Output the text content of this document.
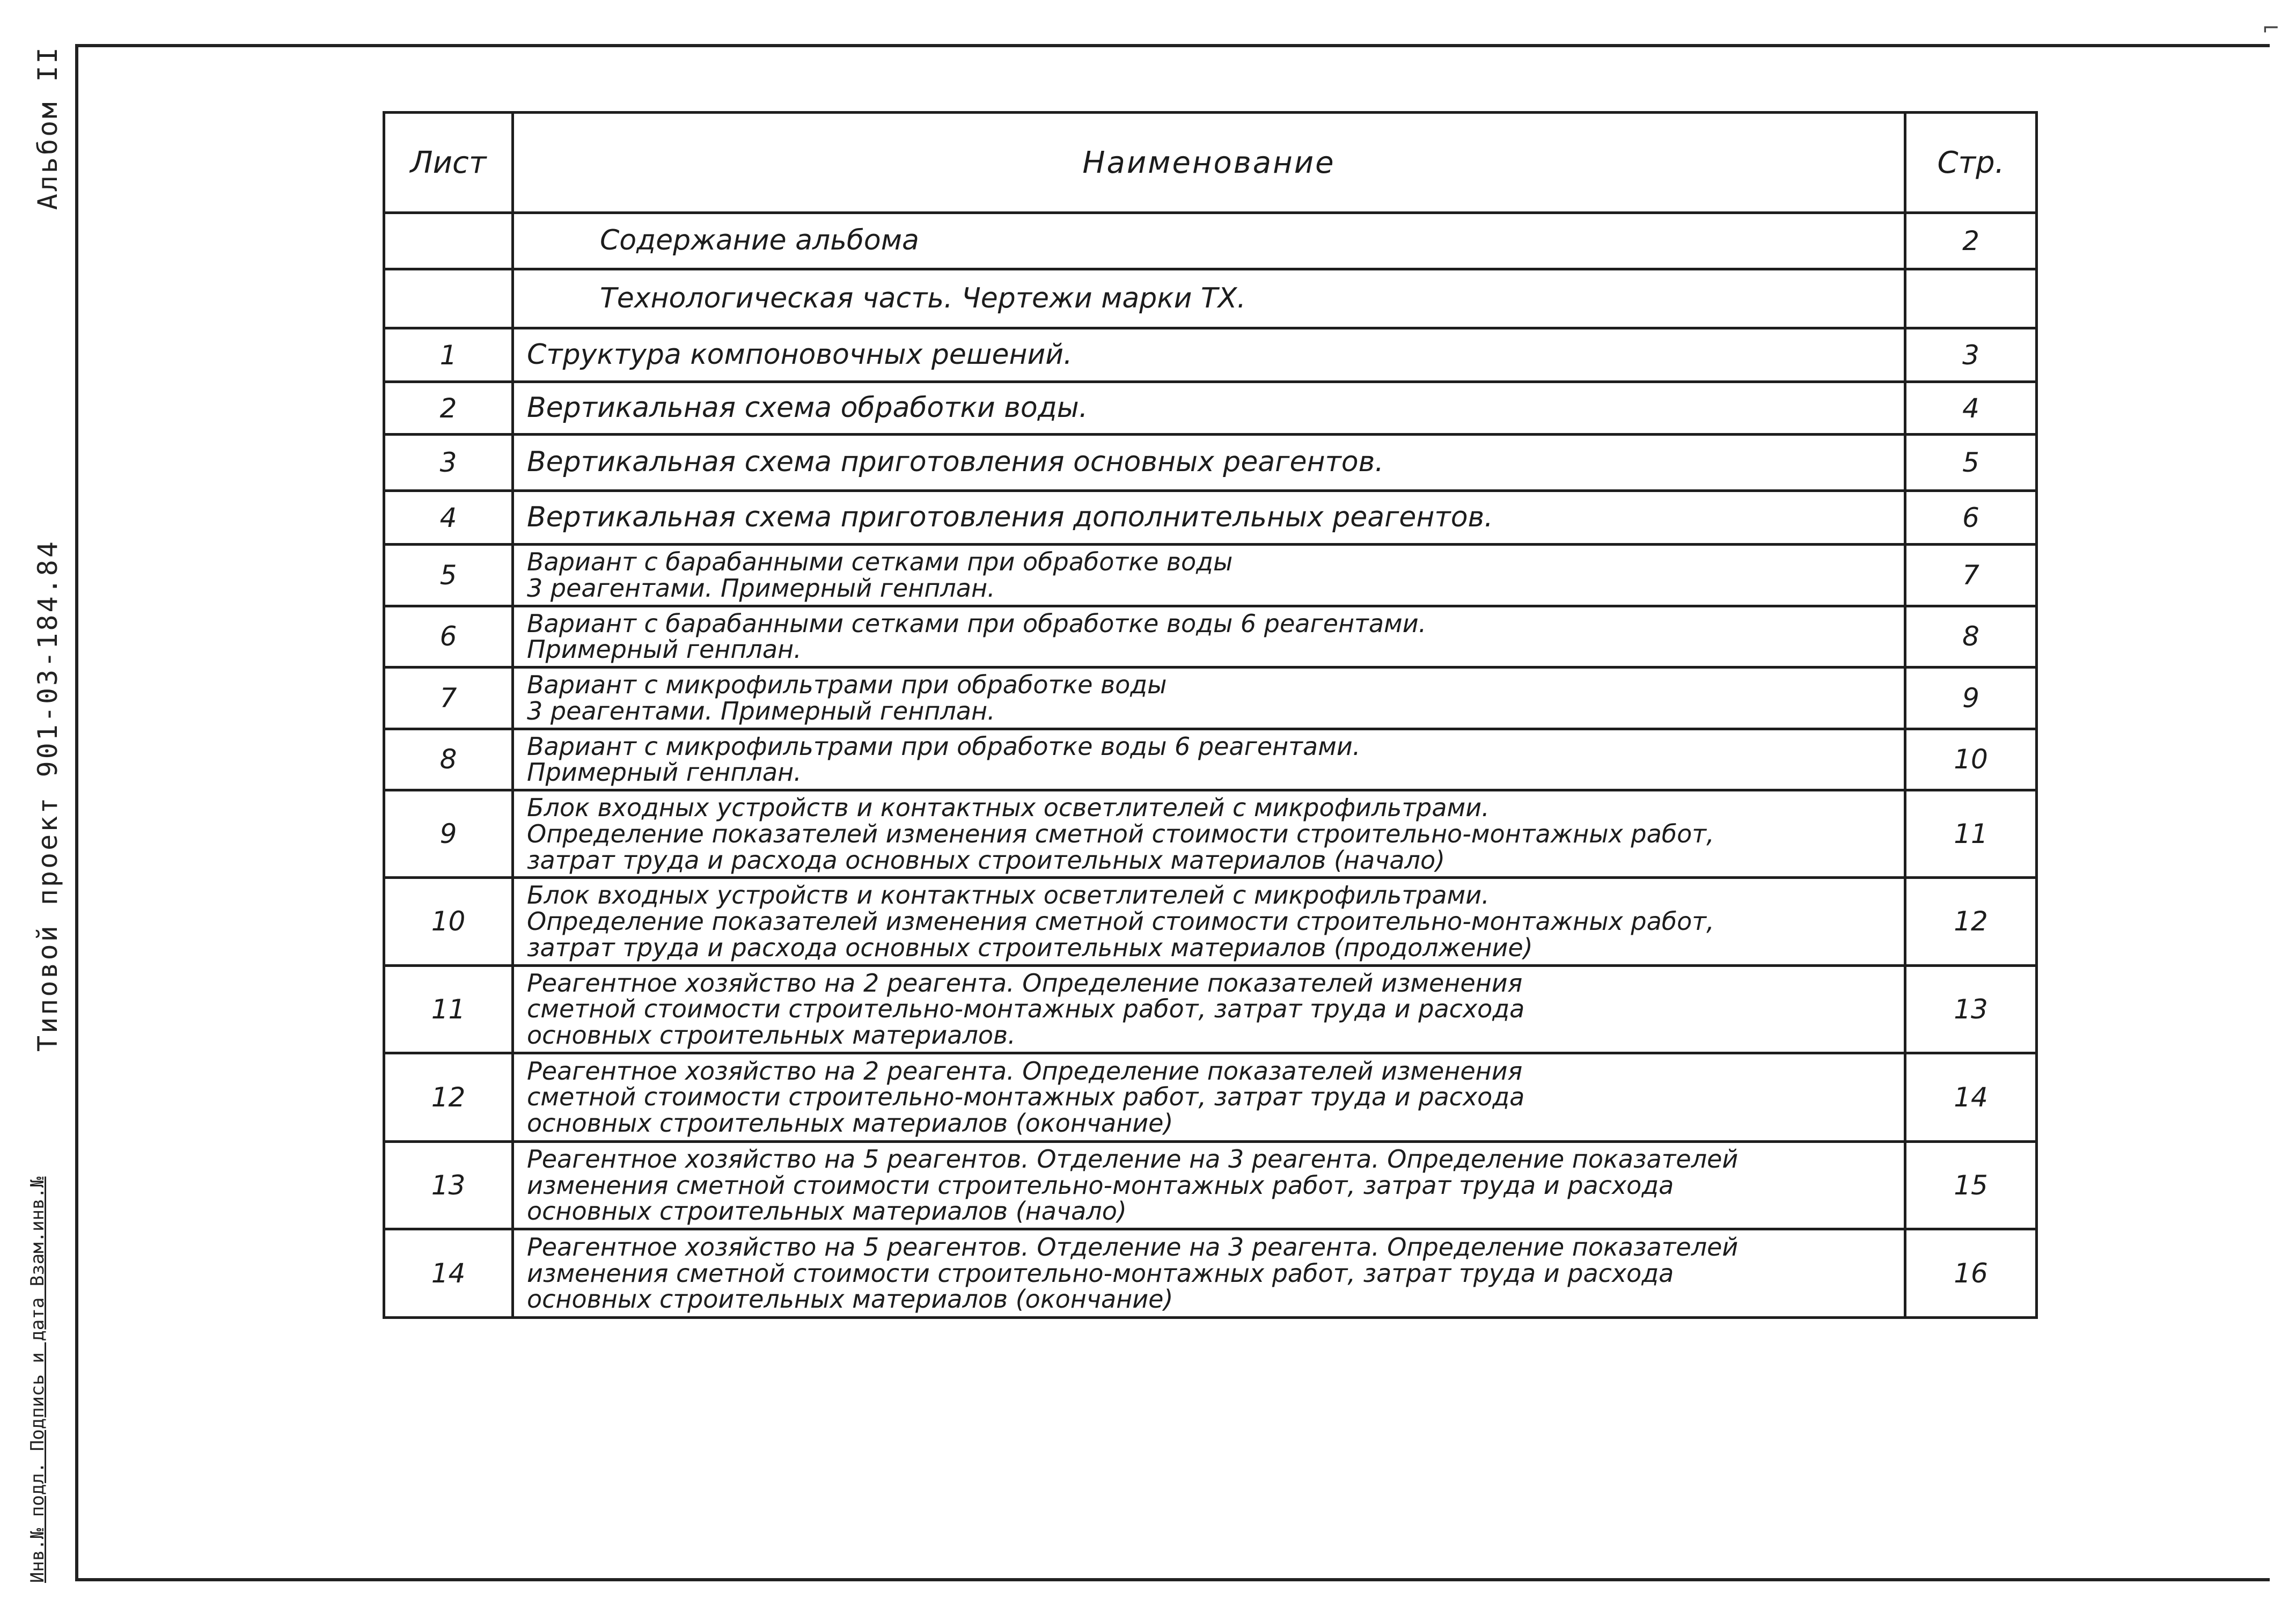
Типовой проект 901-03-184.84                  Альбом II
Инв.№ подл. Подпись и дата Взам.инв.№
⌐
Лист	Наименование	Стр.

	Содержание альбома	2

	Технологическая часть. Чертежи марки ТХ.	

1	Структура компоновочных решений.	3
2	Вертикальная схема обработки воды.	4
3	Вертикальная схема приготовления основных реагентов.	5
4	Вертикальная схема приготовления дополнительных реагентов.	6
5	Вариант с барабанными сетками при обработке воды
3 реагентами. Примерный генплан.	7
6	Вариант с барабанными сетками при обработке воды 6 реагентами.
Примерный генплан.	8
7	Вариант с микрофильтрами при обработке воды
3 реагентами. Примерный генплан.	9
8	Вариант с микрофильтрами при обработке воды 6 реагентами.
Примерный генплан.	10
9	Блок входных устройств и контактных осветлителей с микрофильтрами.
Определение показателей изменения сметной стоимости строительно-монтажных работ,
затрат труда и расхода основных строительных материалов (начало)	11
10	Блок входных устройств и контактных осветлителей с микрофильтрами.
Определение показателей изменения сметной стоимости строительно-монтажных работ,
затрат труда и расхода основных строительных материалов (продолжение)	12
11	Реагентное хозяйство на 2 реагента. Определение показателей изменения
сметной стоимости строительно-монтажных работ, затрат труда и расхода
основных строительных материалов.	13
12	Реагентное хозяйство на 2 реагента. Определение показателей изменения
сметной стоимости строительно-монтажных работ, затрат труда и расхода
основных строительных материалов (окончание)	14
13	Реагентное хозяйство на 5 реагентов. Отделение на 3 реагента. Определение показателей
изменения сметной стоимости строительно-монтажных работ, затрат труда и расхода
основных строительных материалов (начало)	15
14	Реагентное хозяйство на 5 реагентов. Отделение на 3 реагента. Определение показателей
изменения сметной стоимости строительно-монтажных работ, затрат труда и расхода
основных строительных материалов (окончание)	16
